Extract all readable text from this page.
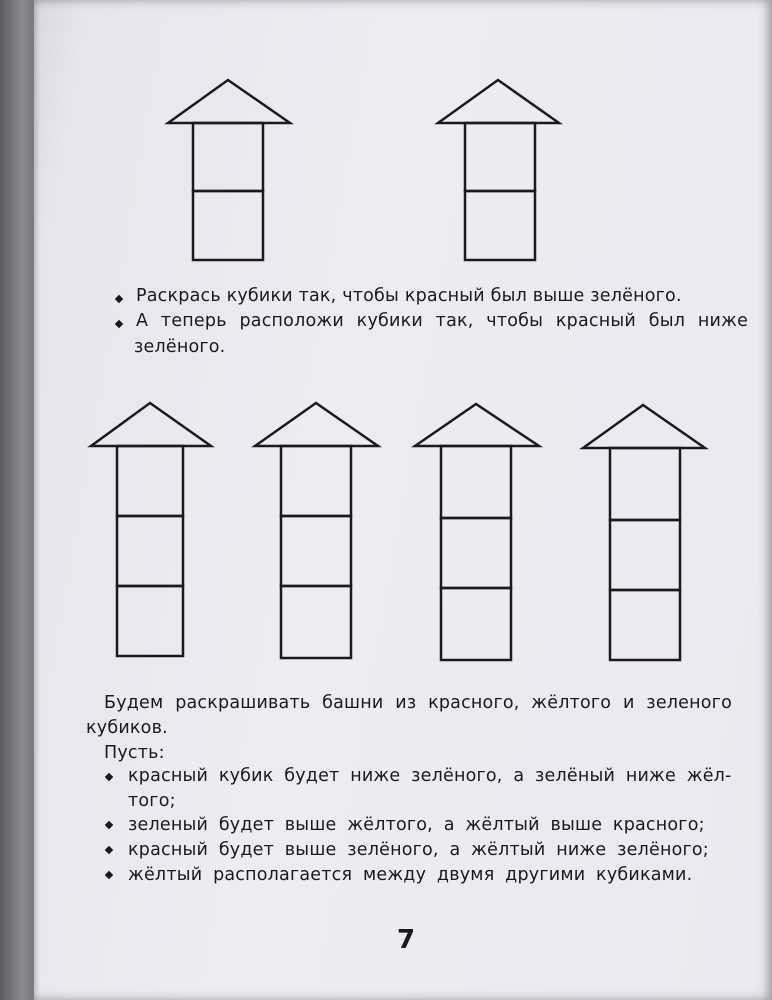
Раскрась кубики так, чтобы красный был выше зелёного.
А теперь расположи кубики так, чтобы красный был ниже
зелёного.
Будем раскрашивать башни из красного, жёлтого и зеленого
кубиков.
Пусть:
красный кубик будет ниже зелёного, а зелёный ниже жёл-
того;
зеленый будет выше жёлтого, а жёлтый выше красного;
красный будет выше зелёного, а жёлтый ниже зелёного;
жёлтый располагается между двумя другими кубиками.
7
